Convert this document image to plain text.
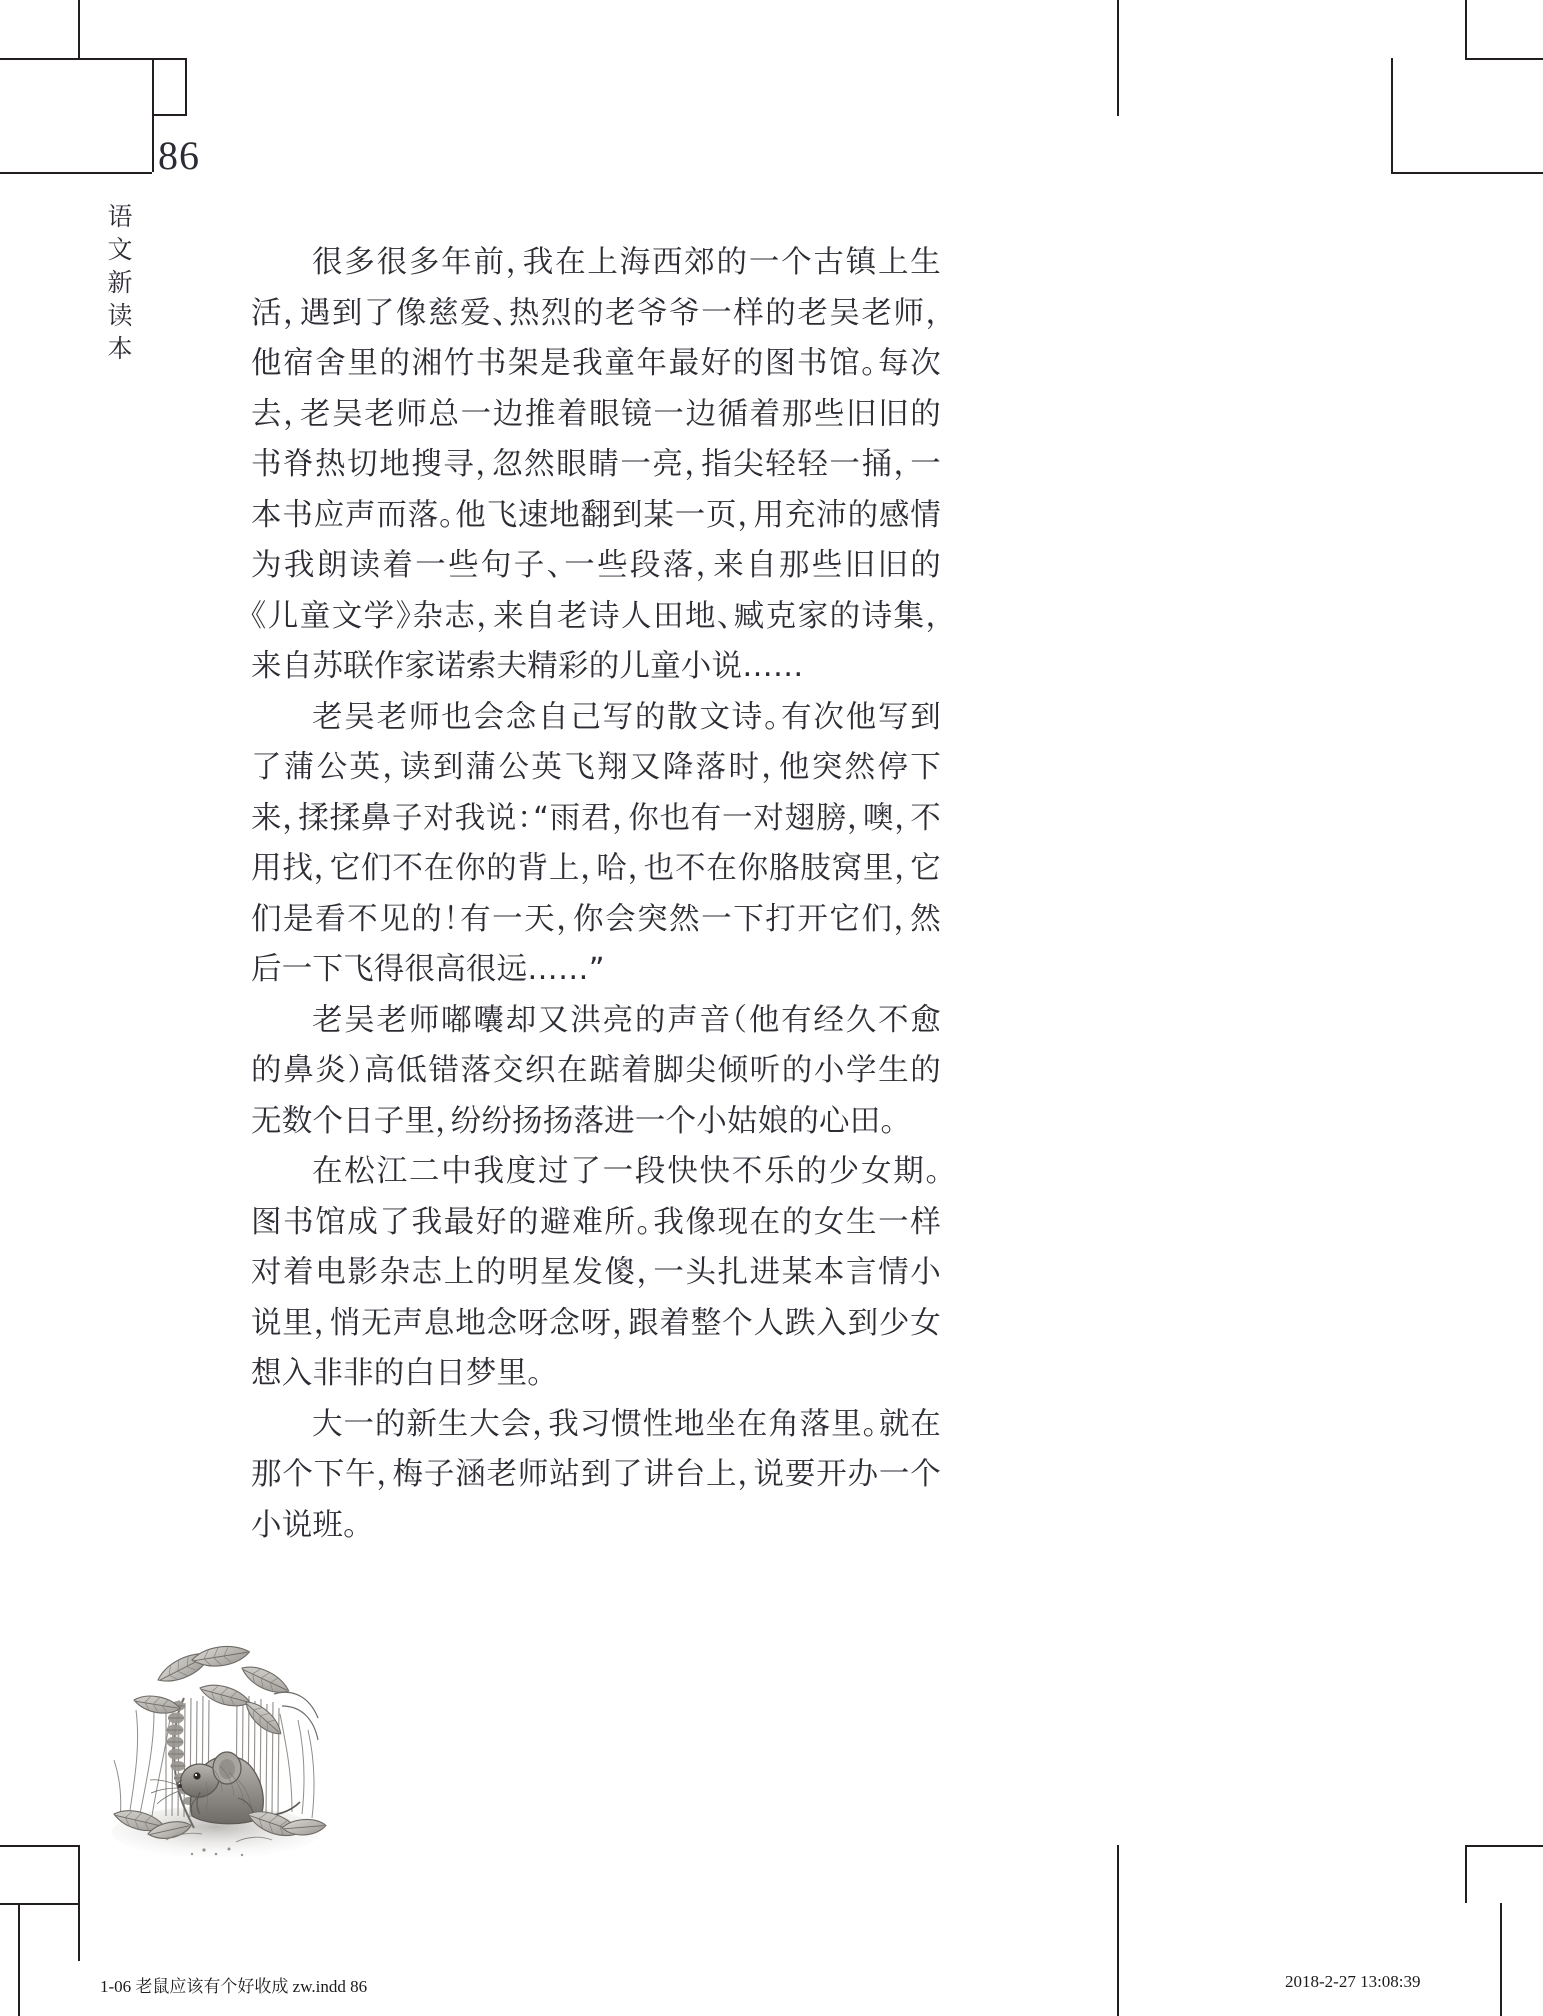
86
语
文
新
读
本

很多很多年前，我在上海西郊的一个古镇上生活，遇到了像慈爱、热烈的老爷爷一样的老吴老师，他宿舍里的湘竹书架是我童年最好的图书馆。每次去，老吴老师总一边推着眼镜一边循着那些旧旧的书脊热切地搜寻，忽然眼睛一亮，指尖轻轻一捅，一本书应声而落。他飞速地翻到某一页，用充沛的感情为我朗读着一些句子、一些段落，来自那些旧旧的《儿童文学》杂志，来自老诗人田地、臧克家的诗集，来自苏联作家诺索夫精彩的儿童小说……

老吴老师也会念自己写的散文诗。有次他写到了蒲公英，读到蒲公英飞翔又降落时，他突然停下来，揉揉鼻子对我说：“雨君，你也有一对翅膀，噢，不用找，它们不在你的背上，哈，也不在你胳肢窝里，它们是看不见的！有一天，你会突然一下打开它们，然后一下飞得很高很远……”

老吴老师嘟囔却又洪亮的声音（他有经久不愈的鼻炎）高低错落交织在踮着脚尖倾听的小学生的无数个日子里，纷纷扬扬落进一个小姑娘的心田。

在松江二中我度过了一段快快不乐的少女期。图书馆成了我最好的避难所。我像现在的女生一样对着电影杂志上的明星发傻，一头扎进某本言情小说里，悄无声息地念呀念呀，跟着整个人跌入到少女想入非非的白日梦里。

大一的新生大会，我习惯性地坐在角落里。就在那个下午，梅子涵老师站到了讲台上，说要开办一个小说班。

1-06 老鼠应该有个好收成 zw.indd 86	2018-2-27 13:08:39
